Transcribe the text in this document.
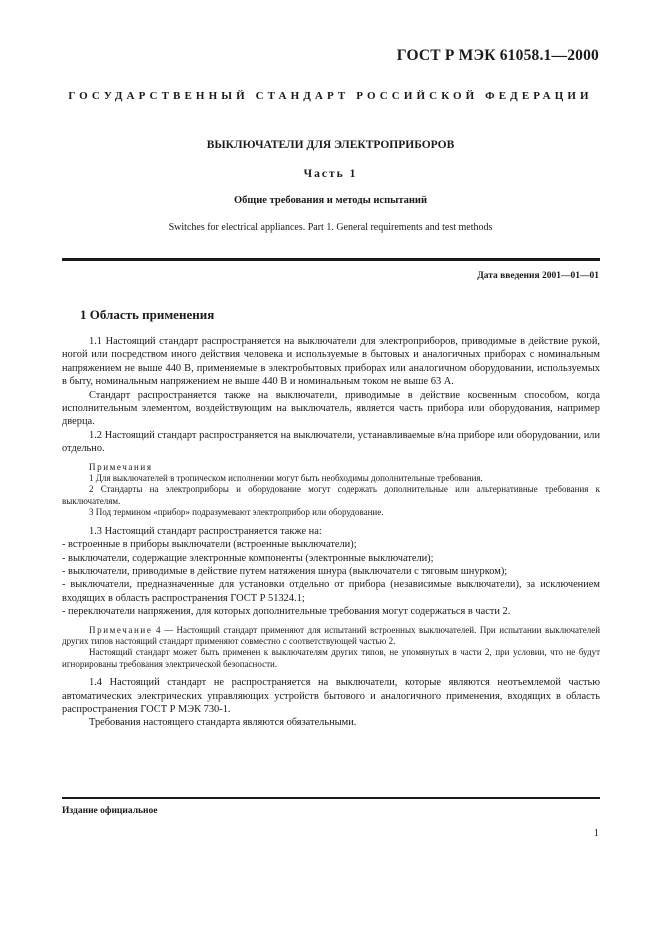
ГОСТ Р МЭК 61058.1—2000
ГОСУДАРСТВЕННЫЙ СТАНДАРТ РОССИЙСКОЙ ФЕДЕРАЦИИ
ВЫКЛЮЧАТЕЛИ ДЛЯ ЭЛЕКТРОПРИБОРОВ
Часть 1
Общие требования и методы испытаний
Switches for electrical appliances. Part 1. General requirements and test methods
Дата введения 2001—01—01
1 Область применения

1.1 Настоящий стандарт распространяется на выключатели для электроприборов, приводимые в действие рукой, ногой или посредством иного действия человека и используемые в бытовых и аналогичных приборах с номинальным напряжением не выше 440 В, применяемые в электробытовых приборах или аналогичном оборудовании, используемых в быту, номинальным напряжением не выше 440 В и номинальным током не выше 63 А.

Стандарт распространяется также на выключатели, приводимые в действие косвенным способом, когда исполнительным элементом, воздействующим на выключатель, является часть прибора или оборудования, например дверца.

1.2 Настоящий стандарт распространяется на выключатели, устанавливаемые в/на приборе или оборудовании, или отдельно.

Примечания

1 Для выключателей в тропическом исполнении могут быть необходимы дополнительные требования.

2 Стандарты на электроприборы и оборудование могут содержать дополнительные или альтернативные требования к выключателям.

3 Под термином «прибор» подразумевают электроприбор или оборудование.

1.3 Настоящий стандарт распространяется также на:

- встроенные в приборы выключатели (встроенные выключатели);

- выключатели, содержащие электронные компоненты (электронные выключатели);

- выключатели, приводимые в действие путем натяжения шнура (выключатели с тяговым шнурком);

- выключатели, предназначенные для установки отдельно от прибора (независимые выключатели), за исключением входящих в область распространения ГОСТ Р 51324.1;

- переключатели напряжения, для которых дополнительные требования могут содержаться в части 2.

Примечание 4 — Настоящий стандарт применяют для испытаний встроенных выключателей. При испытании выключателей других типов настоящий стандарт применяют совместно с соответствующей частью 2.

Настоящий стандарт может быть применен к выключателям других типов, не упомянутых в части 2, при условии, что не будут игнорированы требования электрической безопасности.

1.4 Настоящий стандарт не распространяется на выключатели, которые являются неотъемлемой частью автоматических электрических управляющих устройств бытового и аналогичного применения, входящих в область распространения ГОСТ Р МЭК 730-1.

Требования настоящего стандарта являются обязательными.

Издание официальное
1
